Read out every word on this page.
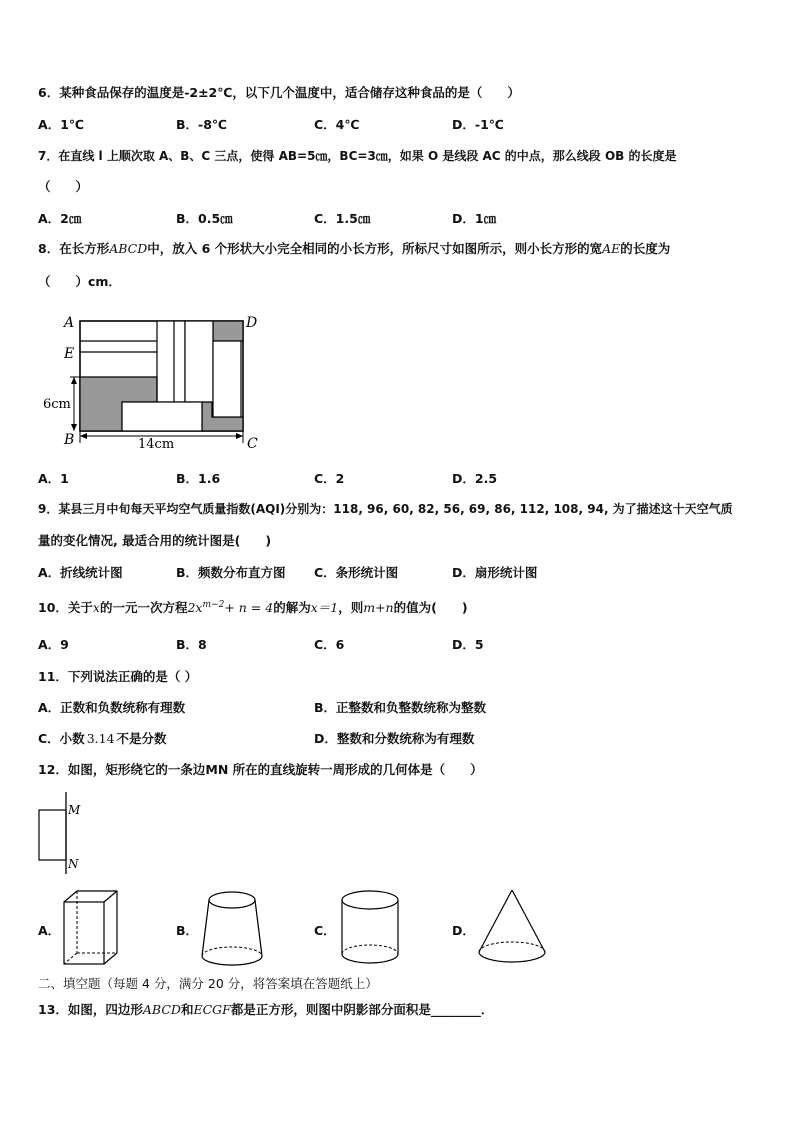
6．某种食品保存的温度是-2±2℃，以下几个温度中，适合储存这种食品的是（　　）
A．1℃	B．-8℃	C．4℃	D．-1℃
7．在直线 l 上顺次取 A、B、C 三点，使得 AB=5㎝，BC=3㎝，如果 O 是线段 AC 的中点，那么线段 OB 的长度是
（　　）
A．2㎝	B．0.5㎝	C．1.5㎝	D．1㎝
8．在长方形ABCD中，放入 6 个形状大小完全相同的小长方形，所标尺寸如图所示，则小长方形的宽AE的长度为
（　　）cm．
A	D
E
B	C
6cm
14cm
A．1	B．1.6	C．2	D．2.5
9．某县三月中旬每天平均空气质量指数(AQI)分别为：118, 96, 60, 82, 56, 69, 86, 112, 108, 94, 为了描述这十天空气质
量的变化情况, 最适合用的统计图是(　　)
A．折线统计图	B．频数分布直方图 C．条形统计图	D．扇形统计图
10．关于x的一元一次方程$2x^{m-2}+ n = 4$的解为x＝1，则m+n的值为(　　)
A．9	B．8	C．6	D．5
11．下列说法正确的是（ ）
A．正数和负数统称有理数	B．正整数和负整数统称为整数
C．小数 3.14 不是分数	D．整数和分数统称为有理数
12．如图，矩形绕它的一条边MN 所在的直线旋转一周形成的几何体是（　　）
M
N
A．	B．	C．	D．
二、填空题（每题 4 分，满分 20 分，将答案填在答题纸上）
13．如图，四边形ABCD和ECGF都是正方形，则图中阴影部分面积是________．
